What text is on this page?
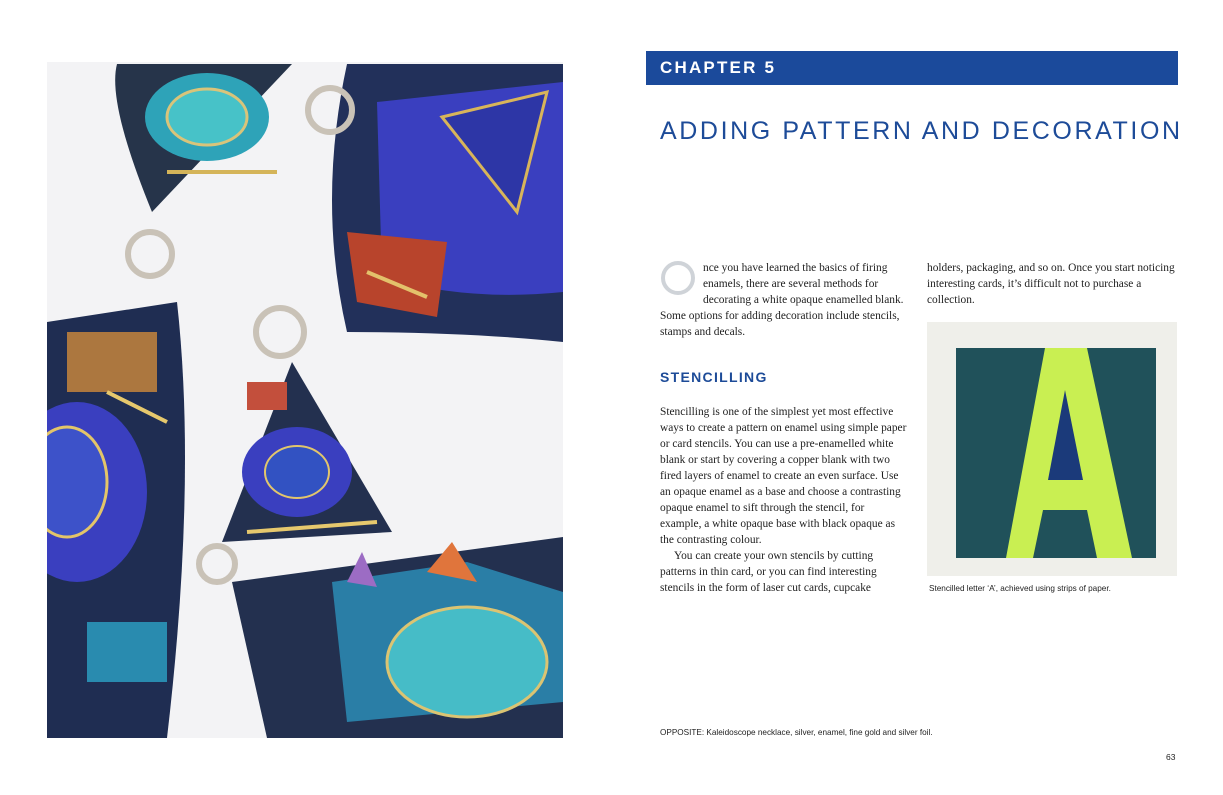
CHAPTER 5
ADDING PATTERN AND DECORATION

nce you have learned the basics of firing enamels, there are several methods for decorating a white opaque enamelled blank. Some options for adding decoration include stencils, stamps and decals.

holders, packaging, and so on. Once you start noticing interesting cards, it’s difficult not to purchase a collection.

STENCILLING

Stencilling is one of the simplest yet most effective ways to create a pattern on enamel using simple paper or card stencils. You can use a pre-enamelled white blank or start by covering a copper blank with two fired layers of enamel to create an even surface. Use an opaque enamel as a base and choose a contrasting opaque enamel to sift through the stencil, for example, a white opaque base with black opaque as the contrasting colour.

You can create your own stencils by cutting patterns in thin card, or you can find interesting stencils in the form of laser cut cards, cupcake	Stencilled letter ‘A’, achieved using strips of paper.
OPPOSITE: Kaleidoscope necklace, silver, enamel, fine gold and silver foil.
63
